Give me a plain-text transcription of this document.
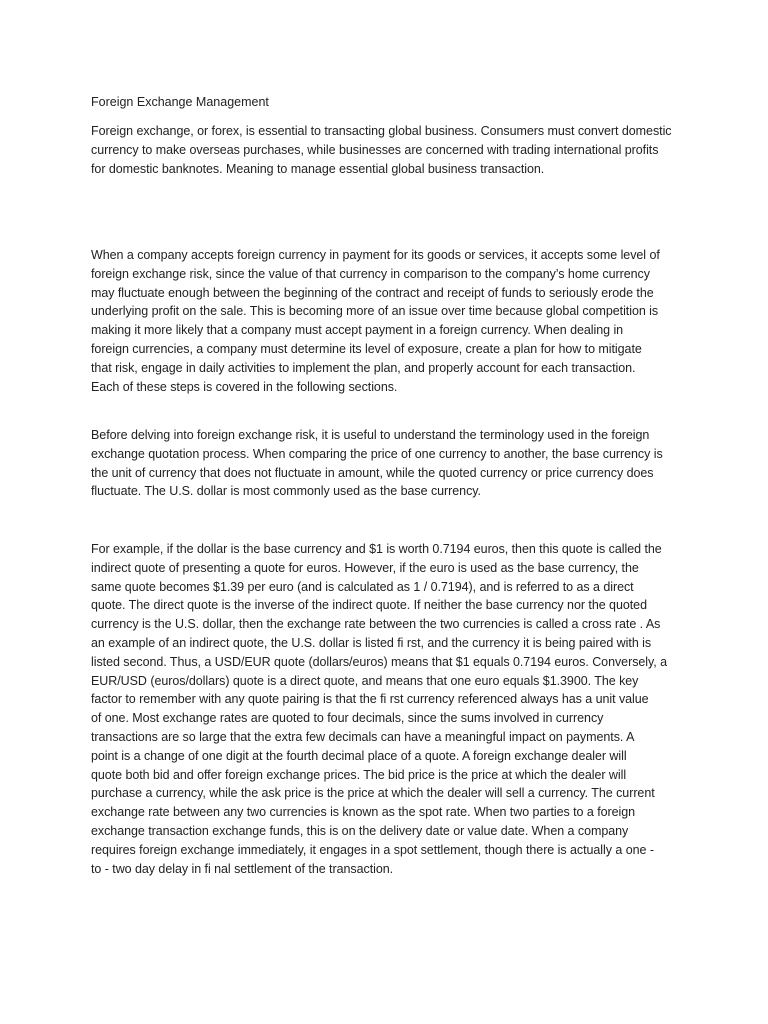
Foreign Exchange Management
Foreign exchange, or forex, is essential to transacting global business. Consumers must convert domestic
currency to make overseas purchases, while businesses are concerned with trading international profits
for domestic banknotes. Meaning to manage essential global business transaction.
When a company accepts foreign currency in payment for its goods or services, it accepts some level of
foreign exchange risk, since the value of that currency in comparison to the company’s home currency
may fluctuate enough between the beginning of the contract and receipt of funds to seriously erode the
underlying profit on the sale. This is becoming more of an issue over time because global competition is
making it more likely that a company must accept payment in a foreign currency. When dealing in
foreign currencies, a company must determine its level of exposure, create a plan for how to mitigate
that risk, engage in daily activities to implement the plan, and properly account for each transaction.
Each of these steps is covered in the following sections.
Before delving into foreign exchange risk, it is useful to understand the terminology used in the foreign
exchange quotation process. When comparing the price of one currency to another, the base currency is
the unit of currency that does not fluctuate in amount, while the quoted currency or price currency does
fluctuate. The U.S. dollar is most commonly used as the base currency.
For example, if the dollar is the base currency and $1 is worth 0.7194 euros, then this quote is called the
indirect quote of presenting a quote for euros. However, if the euro is used as the base currency, the
same quote becomes $1.39 per euro (and is calculated as 1 / 0.7194), and is referred to as a direct
quote. The direct quote is the inverse of the indirect quote. If neither the base currency nor the quoted
currency is the U.S. dollar, then the exchange rate between the two currencies is called a cross rate . As
an example of an indirect quote, the U.S. dollar is listed fi rst, and the currency it is being paired with is
listed second. Thus, a USD/EUR quote (dollars/euros) means that $1 equals 0.7194 euros. Conversely, a
EUR/USD (euros/dollars) quote is a direct quote, and means that one euro equals $1.3900. The key
factor to remember with any quote pairing is that the fi rst currency referenced always has a unit value
of one. Most exchange rates are quoted to four decimals, since the sums involved in currency
transactions are so large that the extra few decimals can have a meaningful impact on payments. A
point is a change of one digit at the fourth decimal place of a quote. A foreign exchange dealer will
quote both bid and offer foreign exchange prices. The bid price is the price at which the dealer will
purchase a currency, while the ask price is the price at which the dealer will sell a currency. The current
exchange rate between any two currencies is known as the spot rate. When two parties to a foreign
exchange transaction exchange funds, this is on the delivery date or value date. When a company
requires foreign exchange immediately, it engages in a spot settlement, though there is actually a one -
to - two day delay in fi nal settlement of the transaction.
